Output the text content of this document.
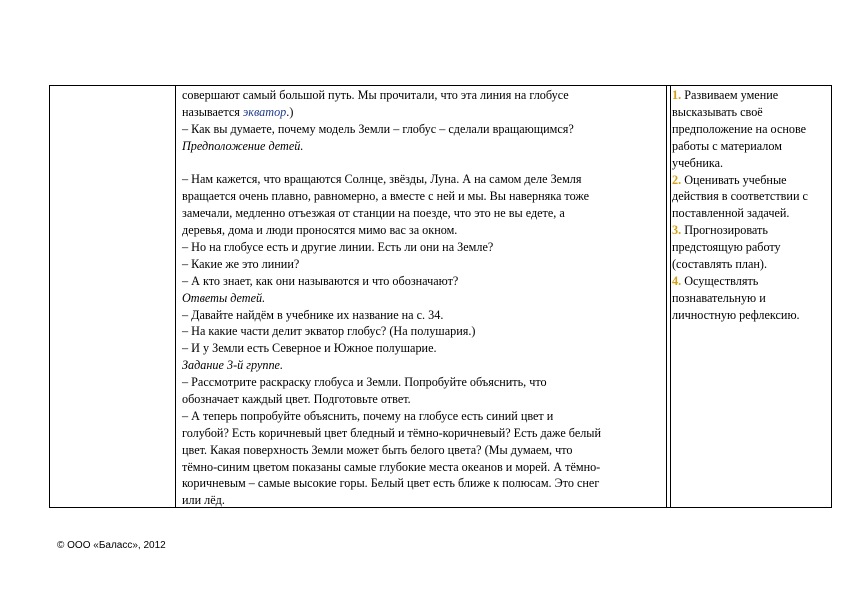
совершают самый большой путь. Мы прочитали, что эта линия на глобусе
называется экватор.)
– Как вы думаете, почему модель Земли – глобус – сделали вращающимся?
Предположение детей.
– Нам кажется, что вращаются Солнце, звёзды, Луна. А на самом деле Земля
вращается очень плавно, равномерно, а вместе с ней и мы. Вы наверняка тоже
замечали, медленно отъезжая от станции на поезде, что это не вы едете, а
деревья, дома и люди проносятся мимо вас за окном.
– Но на глобусе есть и другие линии. Есть ли они на Земле?
– Какие же это линии?
– А кто знает, как они называются и что обозначают?
Ответы детей.
– Давайте найдём в учебнике их название на с. 34.
– На какие части делит экватор глобус? (На полушария.)
– И у Земли есть Северное и Южное полушарие.
Задание 3-й группе.
– Рассмотрите раскраску глобуса и Земли. Попробуйте объяснить, что
обозначает каждый цвет. Подготовьте ответ.
– А теперь попробуйте объяснить, почему на глобусе есть синий цвет и
голубой? Есть коричневый цвет бледный и тёмно-коричневый? Есть даже белый
цвет. Какая поверхность Земли может быть белого цвета? (Мы думаем, что
тёмно-синим цветом показаны самые глубокие места океанов и морей. А тёмно-
коричневым – самые высокие горы. Белый цвет есть ближе к полюсам. Это снег
или лёд.
1. Развиваем умение
высказывать своё
предположение на основе
работы с материалом
учебника.
2. Оценивать учебные
действия в соответствии с
поставленной задачей.
3. Прогнозировать
предстоящую работу
(составлять план).
4. Осуществлять
познавательную и
личностную рефлексию.
© ООО «Баласс», 2012
